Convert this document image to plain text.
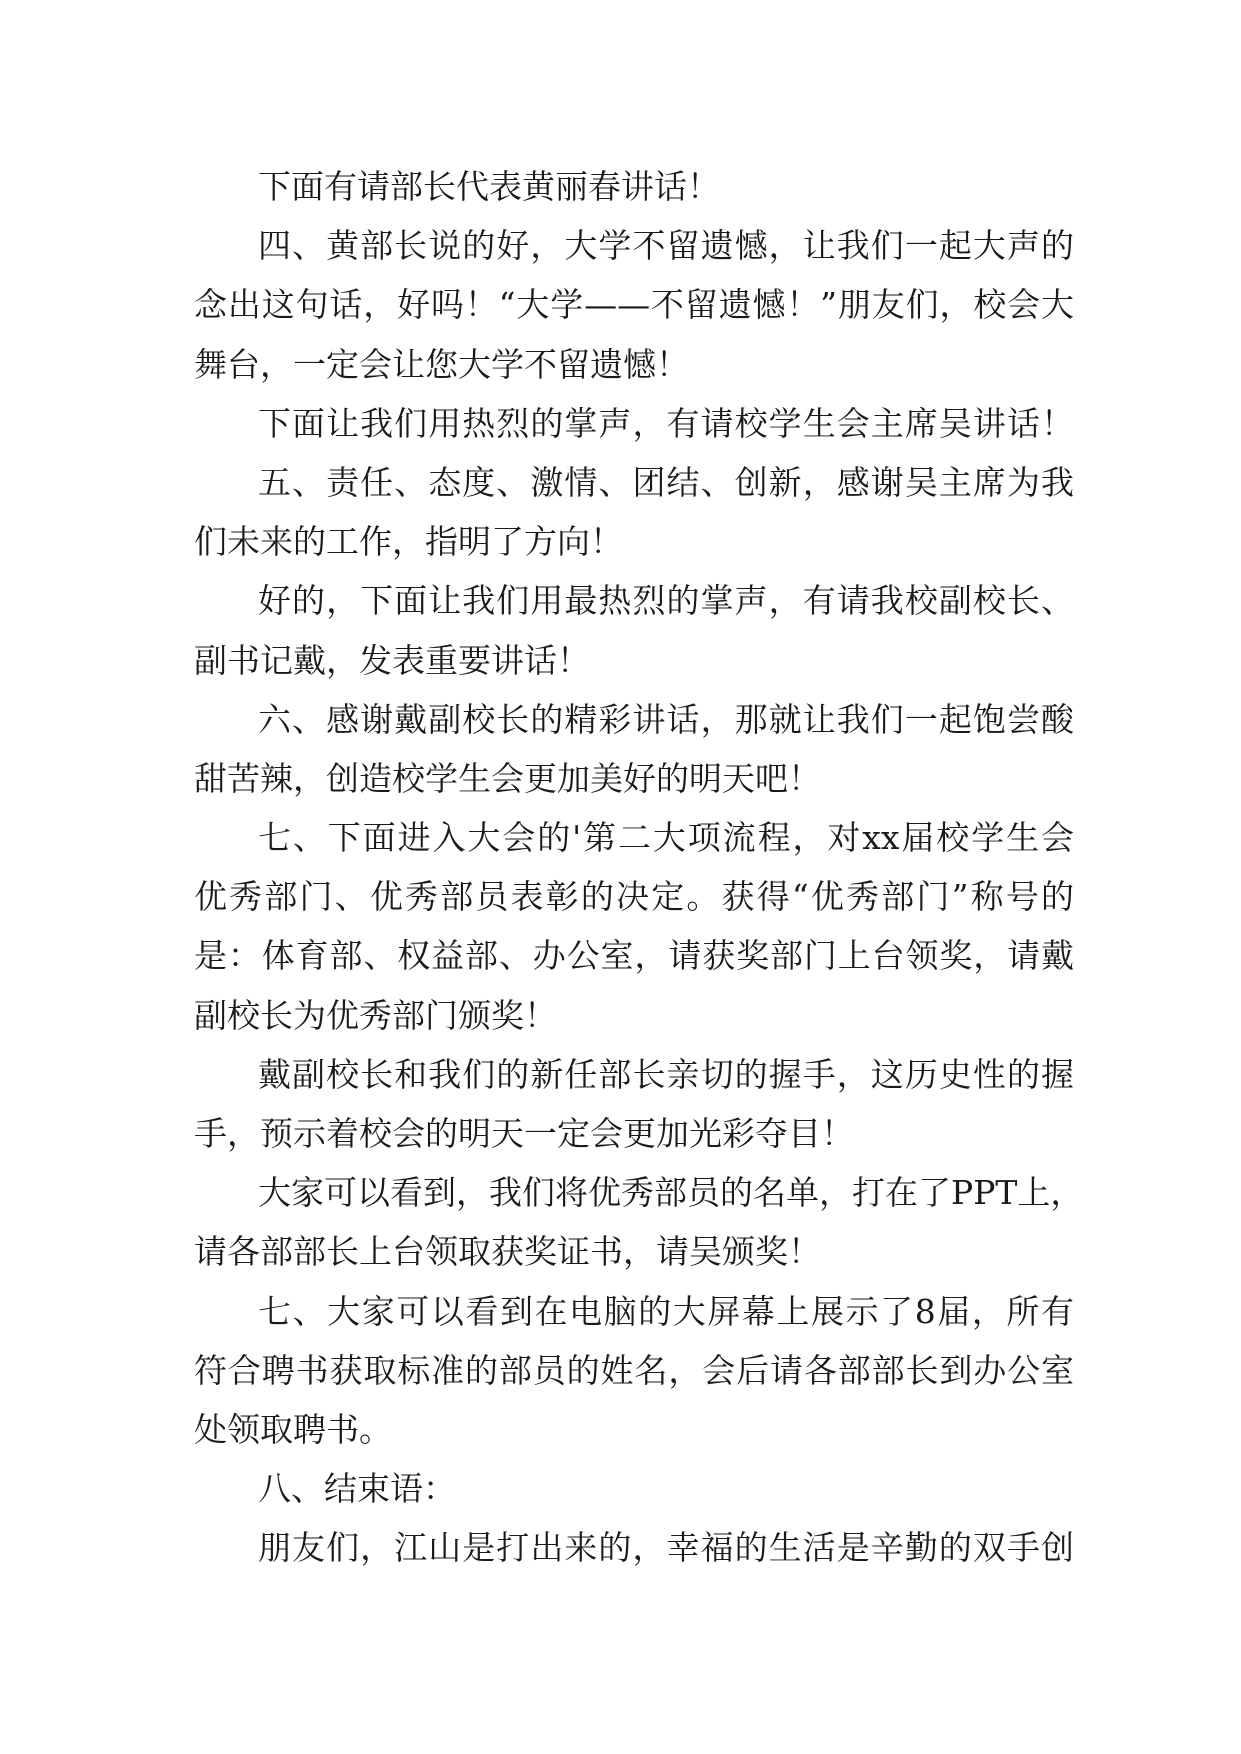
下面有请部长代表黄丽春讲话！
四、黄部长说的好，大学不留遗憾，让我们一起大声的
念出这句话，好吗！“大学——不留遗憾！”朋友们，校会大
舞台，一定会让您大学不留遗憾！
下面让我们用热烈的掌声，有请校学生会主席吴讲话！
五、责任、态度、激情、团结、创新，感谢吴主席为我
们未来的工作，指明了方向！
好的，下面让我们用最热烈的掌声，有请我校副校长、
副书记戴，发表重要讲话！
六、感谢戴副校长的精彩讲话，那就让我们一起饱尝酸
甜苦辣，创造校学生会更加美好的明天吧！
七、下面进入大会的'第二大项流程，对xx届校学生会
优秀部门、优秀部员表彰的决定。获得“优秀部门”称号的
是：体育部、权益部、办公室，请获奖部门上台领奖，请戴
副校长为优秀部门颁奖！
戴副校长和我们的新任部长亲切的握手，这历史性的握
手，预示着校会的明天一定会更加光彩夺目！
大家可以看到，我们将优秀部员的名单，打在了PPT上，
请各部部长上台领取获奖证书，请吴颁奖！
七、大家可以看到在电脑的大屏幕上展示了8届，所有
符合聘书获取标准的部员的姓名，会后请各部部长到办公室
处领取聘书。
八、结束语：
朋友们，江山是打出来的，幸福的生活是辛勤的双手创
